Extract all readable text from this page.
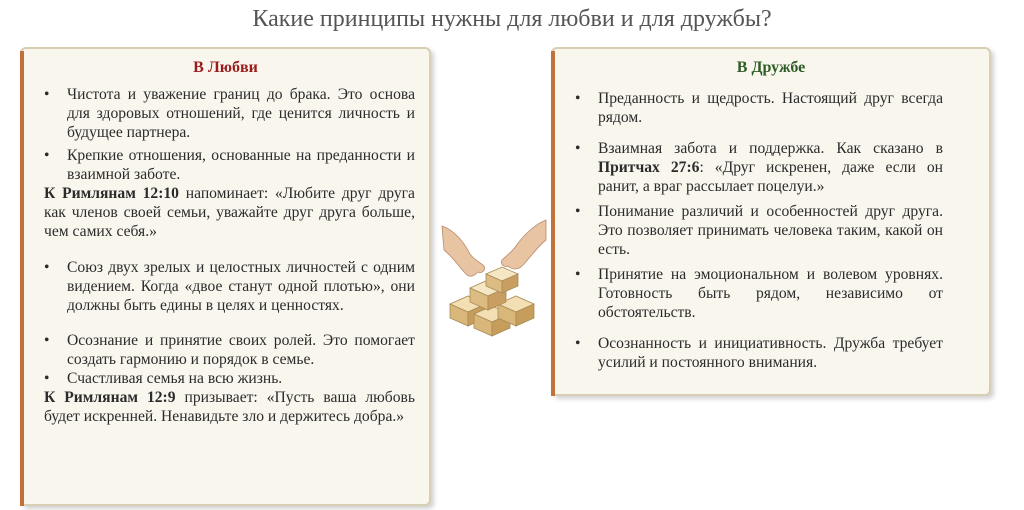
Какие принципы нужны для любви и для дружбы?
В Любви

• Чистота и уважение границ до брака. Это основа для здоровых отношений, где ценится личность и будущее партнера.

• Крепкие отношения, основанные на преданности и взаимной заботе.

К Римлянам 12:10 напоминает: «Любите друг друга как членов своей семьи, уважайте друг друга больше, чем самих себя.»

• Союз двух зрелых и целостных личностей с одним видением. Когда «двое станут одной плотью», они должны быть едины в целях и ценностях.

• Осознание и принятие своих ролей. Это помогает создать гармонию и порядок в семье.

• Счастливая семья на всю жизнь.

К Римлянам 12:9 призывает: «Пусть ваша любовь будет искренней. Ненавидьте зло и держитесь добра.»

В Дружбе

• Преданность и щедрость. Настоящий друг всегда рядом.

• Взаимная забота и поддержка. Как сказано в Притчах 27:6: «Друг искренен, даже если он ранит, а враг рассылает поцелуи.»

• Понимание различий и особенностей друг друга. Это позволяет принимать человека таким, какой он есть.

• Принятие на эмоциональном и волевом уровнях. Готовность быть рядом, независимо от обстоятельств.

• Осознанность и инициативность. Дружба требует усилий и постоянного внимания.
